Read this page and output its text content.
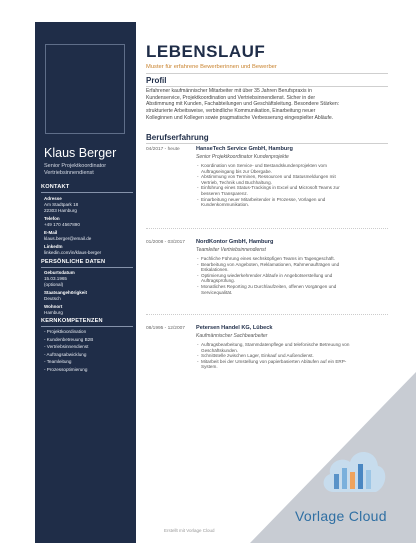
Klaus Berger
Senior Projektkoordinator
Vertriebsinnendienst
KONTAKT
Adresse
Am Stadtpark 18
22303 Hamburg
Telefon
+49 170 4567890
E-Mail
klaus.berger@email.de
LinkedIn
linkedin.com/in/klaus-berger
PERSÖNLICHE DATEN
Geburtsdatum
15.03.1965
(optional)
Staatsangehörigkeit
Deutsch
Wohnort
Hamburg
KERNKOMPETENZEN
- Projektkoordination
- Kundenbetreuung B2B
- Vertriebsinnendienst
- Auftragsabwicklung
- Teamleitung
- Prozessoptimierung
LEBENSLAUF
Muster für erfahrene Bewerberinnen und Bewerber
Profil
Erfahrener kaufmännischer Mitarbeiter mit über 35 Jahren Berufspraxis in
Kundenservice, Projektkoordination und Vertriebsinnendienst. Sicher in der
Abstimmung mit Kunden, Fachabteilungen und Geschäftsleitung. Besondere Stärken:
strukturierte Arbeitsweise, verbindliche Kommunikation, Einarbeitung neuer
Kolleginnen und Kollegen sowie pragmatische Verbesserung eingespielter Abläufe.
Berufserfahrung
04/2017 - heute	HanseTech Service GmbH, Hamburg
Senior Projektkoordinator Kundenprojekte
- Koordination von Service- und Bestandskundenprojekten vom
Auftragseingang bis zur Übergabe.
- Abstimmung von Terminen, Ressourcen und Statusmeldungen mit
Vertrieb, Technik und Buchhaltung.
- Einführung eines Status-Trackings in Excel und Microsoft Teams zur
besseren Transparenz.
- Einarbeitung neuer Mitarbeitender in Prozesse, Vorlagen und
Kundenkommunikation.
01/2008 - 03/2017 NordKontor GmbH, Hamburg
Teamleiter Vertriebsinnendienst
- Fachliche Führung eines sechsköpfigen Teams im Tagesgeschäft.
- Bearbeitung von Angeboten, Reklamationen, Rahmenaufträgen und
Eskalationen.
- Optimierung wiederkehrender Abläufe in Angebotserstellung und
Auftragsprüfung.
- Monatliches Reporting zu Durchlaufzeiten, offenen Vorgängen und
Servicequalität.
08/1995 - 12/2007 Petersen Handel KG, Lübeck
Kaufmännischer Sachbearbeiter
- Auftragsbearbeitung, Stammdatenpflege und telefonische Betreuung von
Geschäftskunden.
- Schnittstelle zwischen Lager, Einkauf und Außendienst.
- Mitarbeit bei der Umstellung von papierbasierten Abläufen auf ein ERP-
System.
Erstellt mit Vorlage Cloud
Vorlage Cloud
